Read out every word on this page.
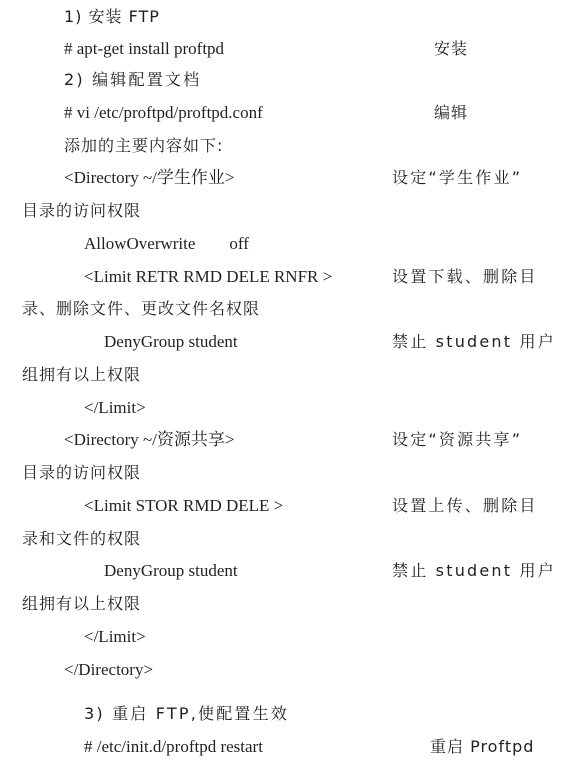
1) 安装 FTP
# apt-get install proftpd	安装
2) 编辑配置文档
# vi /etc/proftpd/proftpd.conf	编辑
添加的主要内容如下:
<Directory ~/学生作业>	设定“学生作业”
目录的访问权限
AllowOverwrite        off
<Limit RETR RMD DELE RNFR >	设置下载、删除目
录、删除文件、更改文件名权限
DenyGroup student	禁止 student 用户
组拥有以上权限
</Limit>
<Directory ~/资源共享>	设定“资源共享”
目录的访问权限
<Limit STOR RMD DELE >	设置上传、删除目
录和文件的权限
DenyGroup student	禁止 student 用户
组拥有以上权限
</Limit>
</Directory>
3) 重启 FTP,使配置生效
# /etc/init.d/proftpd restart	重启 Proftpd
